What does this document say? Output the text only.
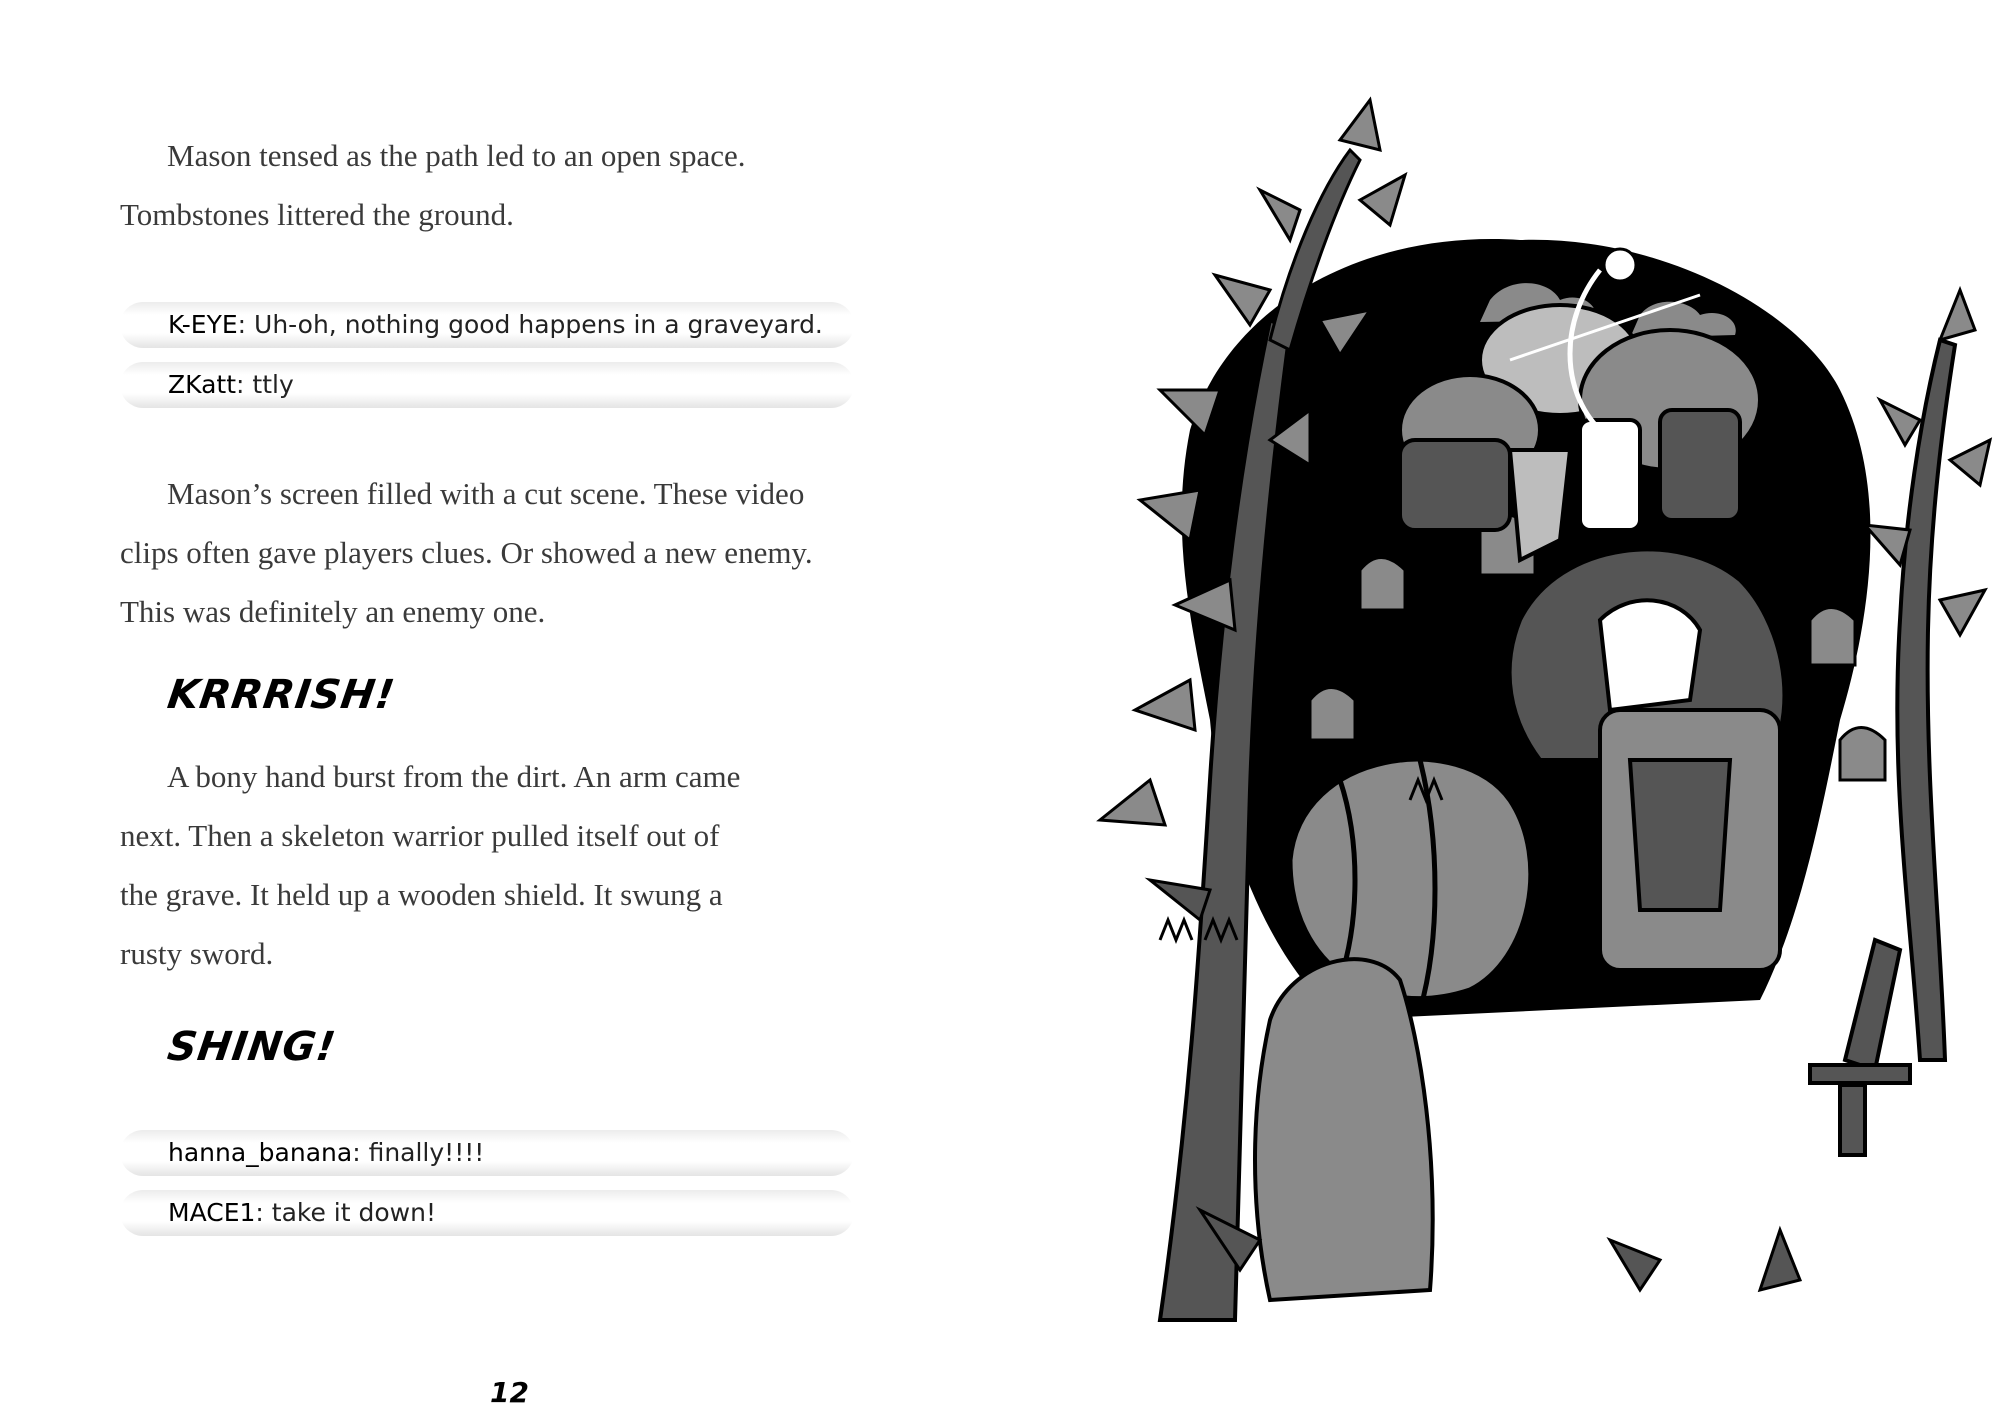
Mason tensed as the path led to an open space.
Tombstones littered the ground.

K-EYE: Uh-oh, nothing good happens in a graveyard.
ZKatt: ttly

Mason’s screen filled with a cut scene. These video
clips often gave players clues. Or showed a new enemy.
This was definitely an enemy one.

KRRRISH!

A bony hand burst from the dirt. An arm came
next. Then a skeleton warrior pulled itself out of
the grave. It held up a wooden shield. It swung a
rusty sword.

SHING!
hanna_banana: finally!!!!
MACE1: take it down!
12
